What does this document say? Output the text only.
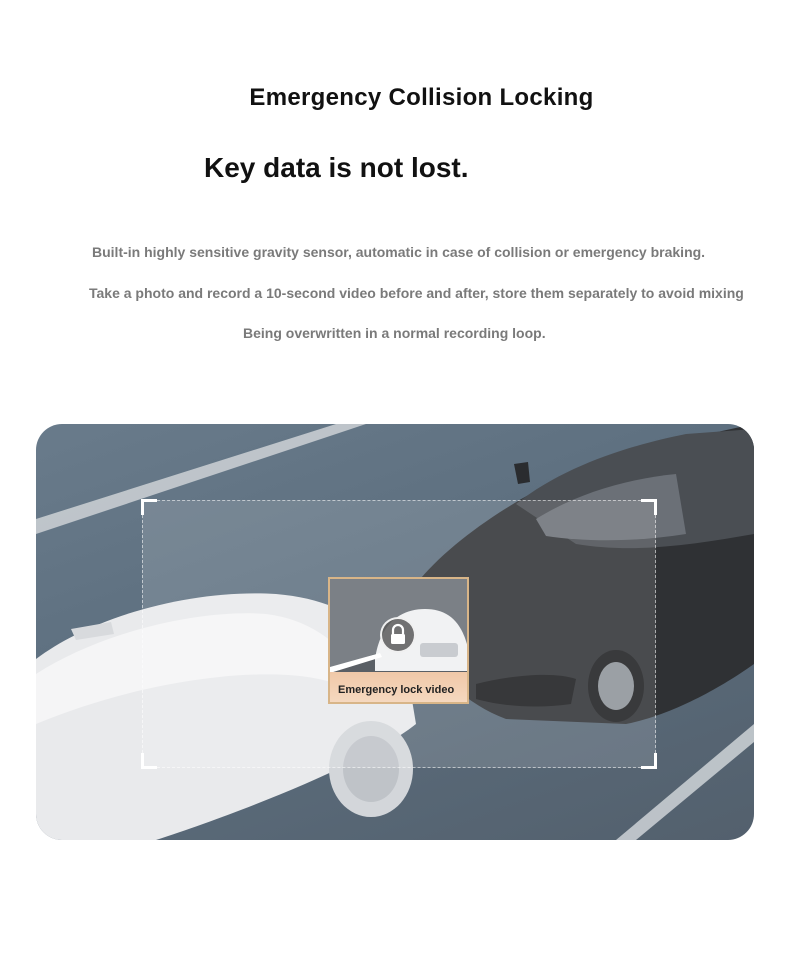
Emergency Collision Locking
Key data is not lost.
Built-in highly sensitive gravity sensor, automatic in case of collision or emergency braking.
Take a photo and record a 10-second video before and after, store them separately to avoid mixing
Being overwritten in a normal recording loop.
Emergency lock video
